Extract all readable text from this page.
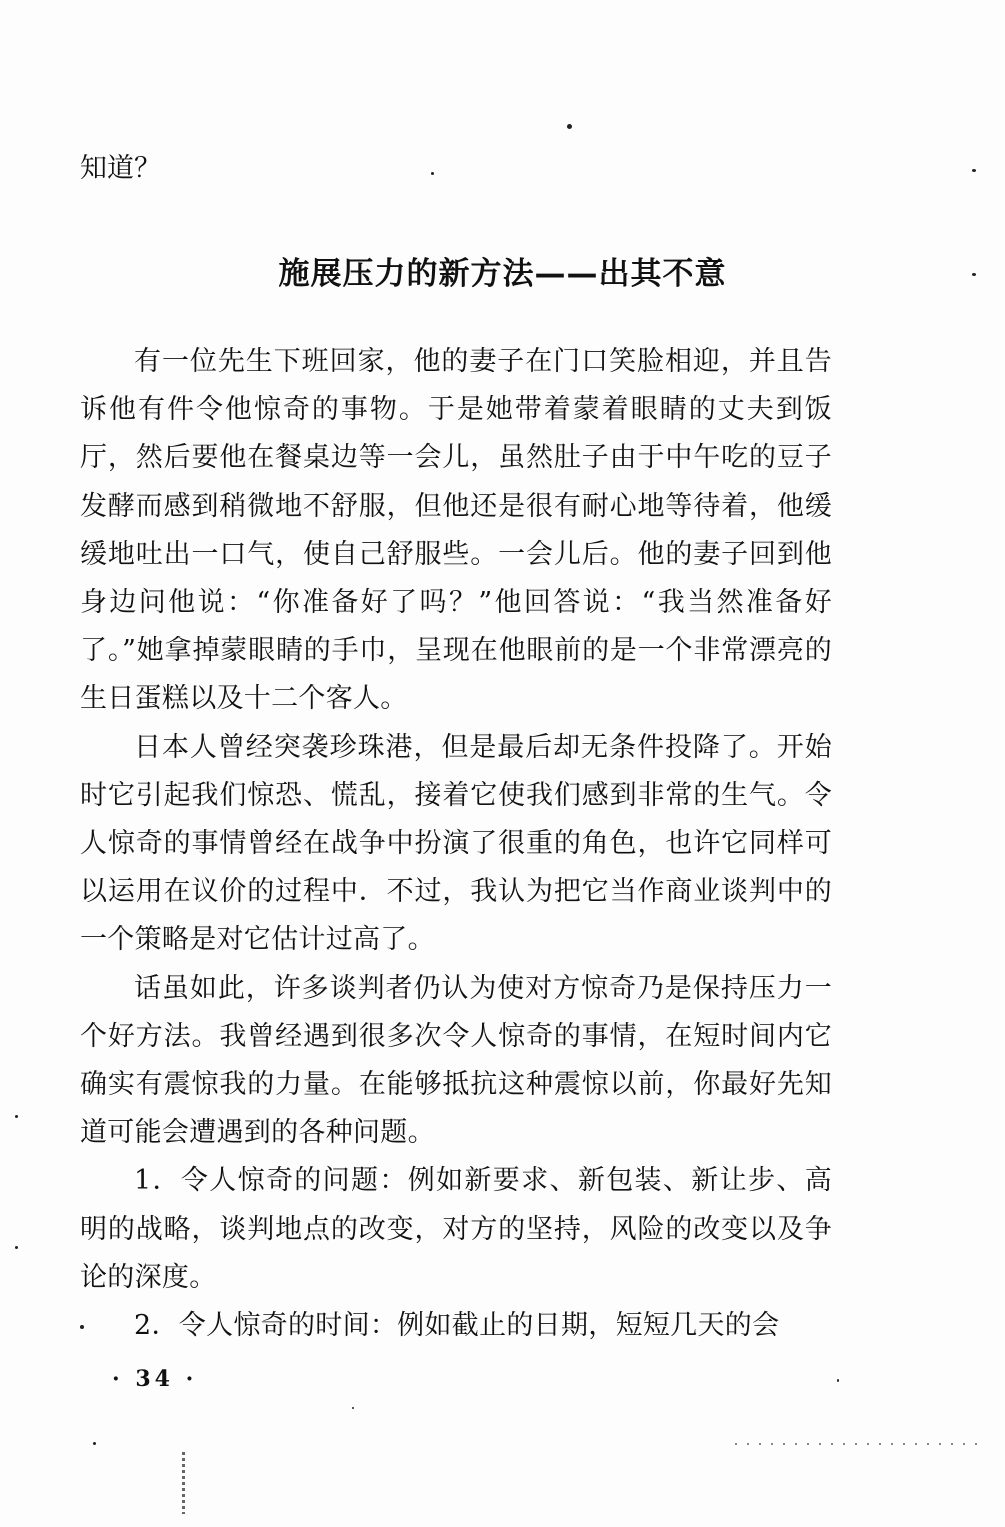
知道？
施展压力的新方法——出其不意

有一位先生下班回家，他的妻子在门口笑脸相迎，并且告诉他有件令他惊奇的事物。于是她带着蒙着眼睛的丈夫到饭厅，然后要他在餐桌边等一会儿，虽然肚子由于中午吃的豆子发酵而感到稍微地不舒服，但他还是很有耐心地等待着，他缓缓地吐出一口气，使自己舒服些。一会儿后。他的妻子回到他身边问他说：“你准备好了吗？”他回答说：“我当然准备好了。”她拿掉蒙眼睛的手巾，呈现在他眼前的是一个非常漂亮的生日蛋糕以及十二个客人。

日本人曾经突袭珍珠港，但是最后却无条件投降了。开始时它引起我们惊恐、慌乱，接着它使我们感到非常的生气。令人惊奇的事情曾经在战争中扮演了很重的角色，也许它同样可以运用在议价的过程中．不过，我认为把它当作商业谈判中的一个策略是对它估计过高了。

话虽如此，许多谈判者仍认为使对方惊奇乃是保持压力一个好方法。我曾经遇到很多次令人惊奇的事情，在短时间内它确实有震惊我的力量。在能够抵抗这种震惊以前，你最好先知道可能会遭遇到的各种问题。

1．令人惊奇的问题：例如新要求、新包装、新让步、高明的战略，谈判地点的改变，对方的坚持，风险的改变以及争论的深度。

2．令人惊奇的时间：例如截止的日期，短短几天的会

· 34 ·
